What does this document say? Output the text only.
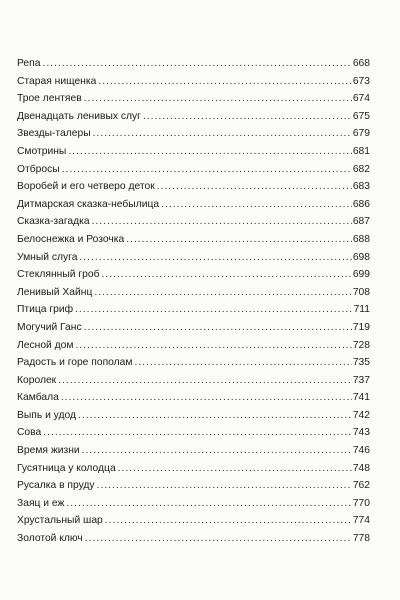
Репа .....	668
Старая нищенка .....	673
Трое лентяев .....	674
Двенадцать ленивых слуг .....	675
Звезды-талеры .....	679
Смотрины .....	681
Отбросы .....	682
Воробей и его четверо деток .....	683
Дитмарская сказка-небылица .....	686
Сказка-загадка .....	687
Белоснежка и Розочка .....	688
Умный слуга .....	698
Стеклянный гроб .....	699
Ленивый Хайнц .....	708
Птица гриф .....	711
Могучий Ганс .....	719
Лесной дом .....	728
Радость и горе пополам .....	735
Королек .....	737
Камбала .....	741
Выпь и удод .....	742
Сова .....	743
Время жизни .....	746
Гусятница у колодца .....	748
Русалка в пруду .....	762
Заяц и еж .....	770
Хрустальный шар .....	774
Золотой ключ .....	778
